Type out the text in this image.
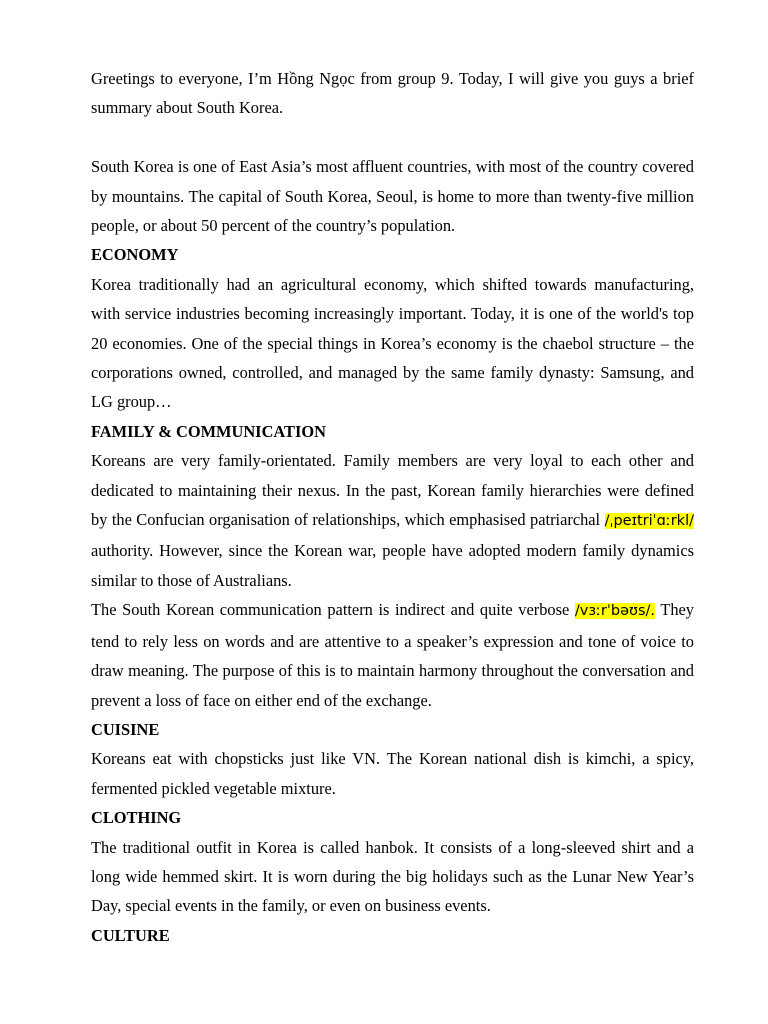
Greetings to everyone, I’m Hồng Ngọc from group 9. Today, I will give you guys a brief summary about South Korea.

South Korea is one of East Asia’s most affluent countries, with most of the country covered by mountains. The capital of South Korea, Seoul, is home to more than twenty-five million people, or about 50 percent of the country’s population.

ECONOMY

Korea traditionally had an agricultural economy, which shifted towards manufacturing, with service industries becoming increasingly important. Today, it is one of the world's top 20 economies. One of the special things in Korea’s economy is the chaebol structure – the corporations owned, controlled, and managed by the same family dynasty: Samsung, and LG group…

FAMILY & COMMUNICATION

Koreans are very family-orientated. Family members are very loyal to each other and dedicated to maintaining their nexus. In the past, Korean family hierarchies were defined by the Confucian organisation of relationships, which emphasised patriarchal /ˌpeɪtriˈɑːrkl/ authority. However, since the Korean war, people have adopted modern family dynamics similar to those of Australians.

The South Korean communication pattern is indirect and quite verbose /vɜːrˈbəʊs/. They tend to rely less on words and are attentive to a speaker’s expression and tone of voice to draw meaning. The purpose of this is to maintain harmony throughout the conversation and prevent a loss of face on either end of the exchange.

CUISINE

Koreans eat with chopsticks just like VN. The Korean national dish is kimchi, a spicy, fermented pickled vegetable mixture.

CLOTHING

The traditional outfit in Korea is called hanbok. It consists of a long-sleeved shirt and a long wide hemmed skirt. It is worn during the big holidays such as the Lunar New Year’s Day, special events in the family, or even on business events.

CULTURE
